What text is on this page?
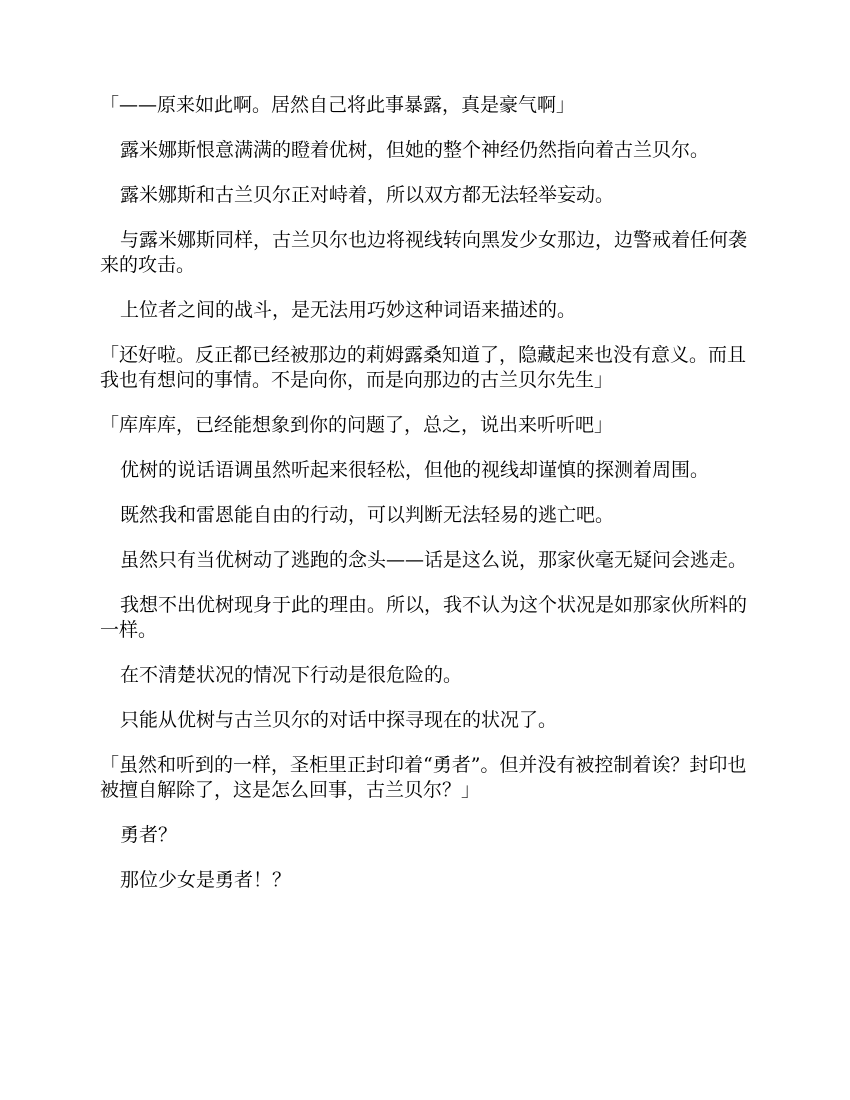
「——原来如此啊。居然自己将此事暴露，真是豪气啊」

露米娜斯恨意满满的瞪着优树，但她的整个神经仍然指向着古兰贝尔。

露米娜斯和古兰贝尔正对峙着，所以双方都无法轻举妄动。

与露米娜斯同样，古兰贝尔也边将视线转向黑发少女那边，边警戒着任何袭来的攻击。

上位者之间的战斗，是无法用巧妙这种词语来描述的。

「还好啦。反正都已经被那边的莉姆露桑知道了，隐藏起来也没有意义。而且我也有想问的事情。不是向你，而是向那边的古兰贝尔先生」

「库库库，已经能想象到你的问题了，总之，说出来听听吧」

优树的说话语调虽然听起来很轻松，但他的视线却谨慎的探测着周围。

既然我和雷恩能自由的行动，可以判断无法轻易的逃亡吧。

虽然只有当优树动了逃跑的念头——话是这么说，那家伙毫无疑问会逃走。

我想不出优树现身于此的理由。所以，我不认为这个状况是如那家伙所料的一样。

在不清楚状况的情况下行动是很危险的。

只能从优树与古兰贝尔的对话中探寻现在的状况了。

「虽然和听到的一样，圣柜里正封印着“勇者”。但并没有被控制着诶？封印也被擅自解除了，这是怎么回事，古兰贝尔？」

勇者？

那位少女是勇者！？
